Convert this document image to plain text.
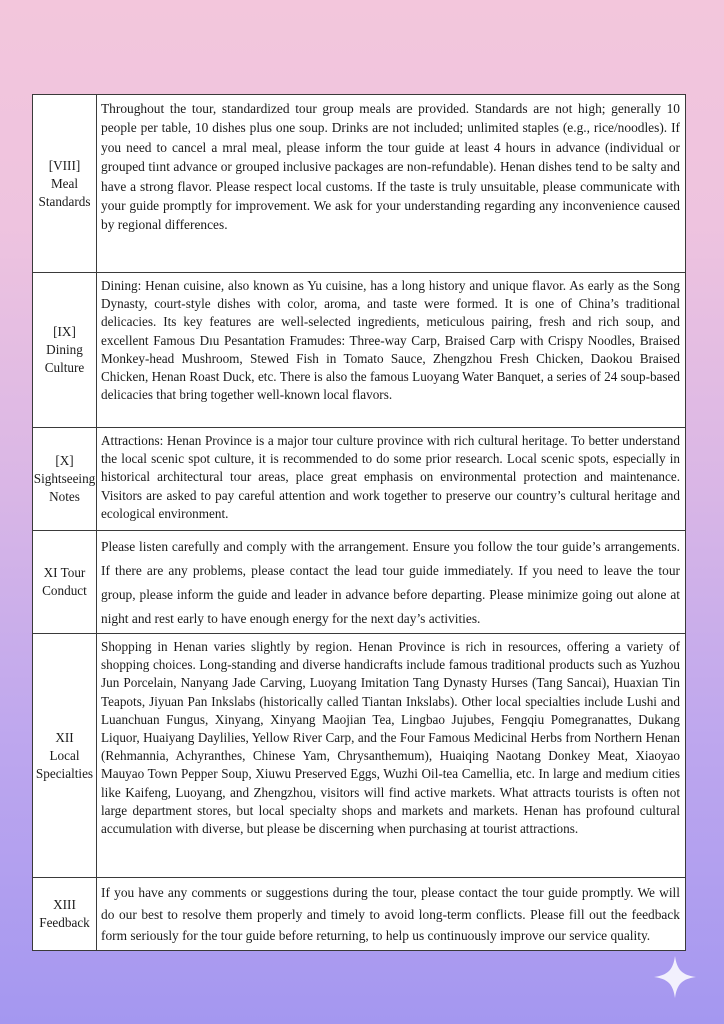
[VIII]
Meal
Standards
Throughout the tour, standardized tour group meals are provided. Standards are not high; generally 10 people per table, 10 dishes plus one soup. Drinks are not included; unlimited staples (e.g., rice/noodles). If you need to cancel a mral meal, please inform the tour guide at least 4 hours in advance (individual or grouped tiınt advance or grouped inclusive packages are non-refundable). Henan dishes tend to be salty and have a strong flavor. Please respect local customs. If the taste is truly unsuitable, please communicate with your guide promptly for improvement. We ask for your understanding regarding any inconvenience caused by regional differences.
[IX]
Dining
Culture
Dining: Henan cuisine, also known as Yu cuisine, has a long history and unique flavor. As early as the Song Dynasty, court-style dishes with color, aroma, and taste were formed. It is one of China’s traditional delicacies. Its key features are well-selected ingredients, meticulous pairing, fresh and rich soup, and excellent Famous Dıu Pesantation Framudes: Three-way Carp, Braised Carp with Crispy Noodles, Braised Monkey-head Mushroom, Stewed Fish in Tomato Sauce, Zhengzhou Fresh Chicken, Daokou Braised Chicken, Henan Roast Duck, etc. There is also the famous Luoyang Water Banquet, a series of 24 soup-based delicacies that bring together well-known local flavors.
[X]
Sightseeing
Notes
Attractions: Henan Province is a major tour culture province with rich cultural heritage. To better understand the local scenic spot culture, it is recommended to do some prior research. Local scenic spots, especially in historical architectural tour areas, place great emphasis on environmental protection and maintenance. Visitors are asked to pay careful attention and work together to preserve our country’s cultural heritage and ecological environment.
XI Tour
Conduct
Please listen carefully and comply with the arrangement. Ensure you follow the tour guide’s arrangements. If there are any problems, please contact the lead tour guide immediately. If you need to leave the tour group, please inform the guide and leader in advance before departing. Please minimize going out alone at night and rest early to have enough energy for the next day’s activities.
XII
Local
Specialties
Shopping in Henan varies slightly by region. Henan Province is rich in resources, offering a variety of shopping choices. Long-standing and diverse handicrafts include famous traditional products such as Yuzhou Jun Porcelain, Nanyang Jade Carving, Luoyang Imitation Tang Dynasty Hurses (Tang Sancai), Huaxian Tin Teapots, Jiyuan Pan Inkslabs (historically called Tiantan Inkslabs). Other local specialties include Lushi and Luanchuan Fungus, Xinyang, Xinyang Maojian Tea, Lingbao Jujubes, Fengqiu Pomegranattes, Dukang Liquor, Huaiyang Daylilies, Yellow River Carp, and the Four Famous Medicinal Herbs from Northern Henan (Rehmannia, Achyranthes, Chinese Yam, Chrysanthemum), Huaiqing Naotang Donkey Meat, Xiaoyao Mauyao Town Pepper Soup, Xiuwu Preserved Eggs, Wuzhi Oil-tea Camellia, etc. In large and medium cities like Kaifeng, Luoyang, and Zhengzhou, visitors will find active markets. What attracts tourists is often not large department stores, but local specialty shops and markets and markets. Henan has profound cultural accumulation with diverse, but please be discerning when purchasing at tourist attractions.
XIII
Feedback
If you have any comments or suggestions during the tour, please contact the tour guide promptly. We will do our best to resolve them properly and timely to avoid long-term conflicts. Please fill out the feedback form seriously for the tour guide before returning, to help us continuously improve our service quality.
